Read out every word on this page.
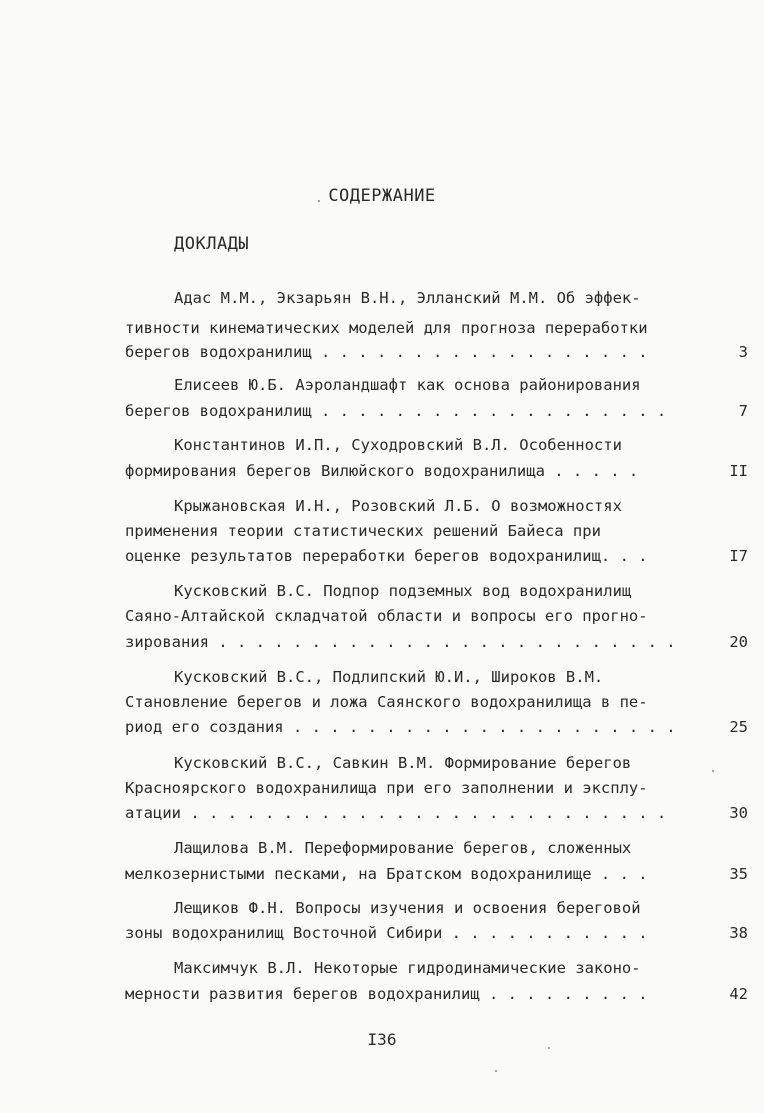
СОДЕРЖАНИЕ
ДОКЛАДЫ
Адас М.М., Экзарьян В.Н., Элланский М.М. Об эффек-
тивности кинематических моделей для прогноза переработки
берегов водохранилищ . . . . . . . . . . . . . . . . . .	3
Елисеев Ю.Б. Аэроландшафт как основа районирования
берегов водохранилищ . . . . . . . . . . . . . . . . . . .	7
Константинов И.П., Суходровский В.Л. Особенности
формирования берегов Вилюйского водохранилища . . . . .	II
Крыжановская И.Н., Розовский Л.Б. О возможностях
применения теории статистических решений Байеса при
оценке результатов переработки берегов водохранилищ. . .	I7
Кусковский В.С. Подпор подземных вод водохранилищ
Саяно-Алтайской складчатой области и вопросы его прогно-
зирования . . . . . . . . . . . . . . . . . . . . . . . . .	20
Кусковский В.С., Подлипский Ю.И., Широков В.М.
Становление берегов и ложа Саянского водохранилища в пе-
риод его создания . . . . . . . . . . . . . . . . . . . . .	25
Кусковский В.С., Савкин В.М. Формирование берегов
Красноярского водохранилища при его заполнении и эксплу-
атации . . . . . . . . . . . . . . . . . . . . . . . . . .	30
Лащилова В.М. Переформирование берегов, сложенных
мелкозернистыми песками, на Братском водохранилище . . .	35
Лещиков Ф.Н. Вопросы изучения и освоения береговой
зоны водохранилищ Восточной Сибири . . . . . . . . . . .	38
Максимчук В.Л. Некоторые гидродинамические законо-
мерности развития берегов водохранилищ . . . . . . . . .	42
I36
